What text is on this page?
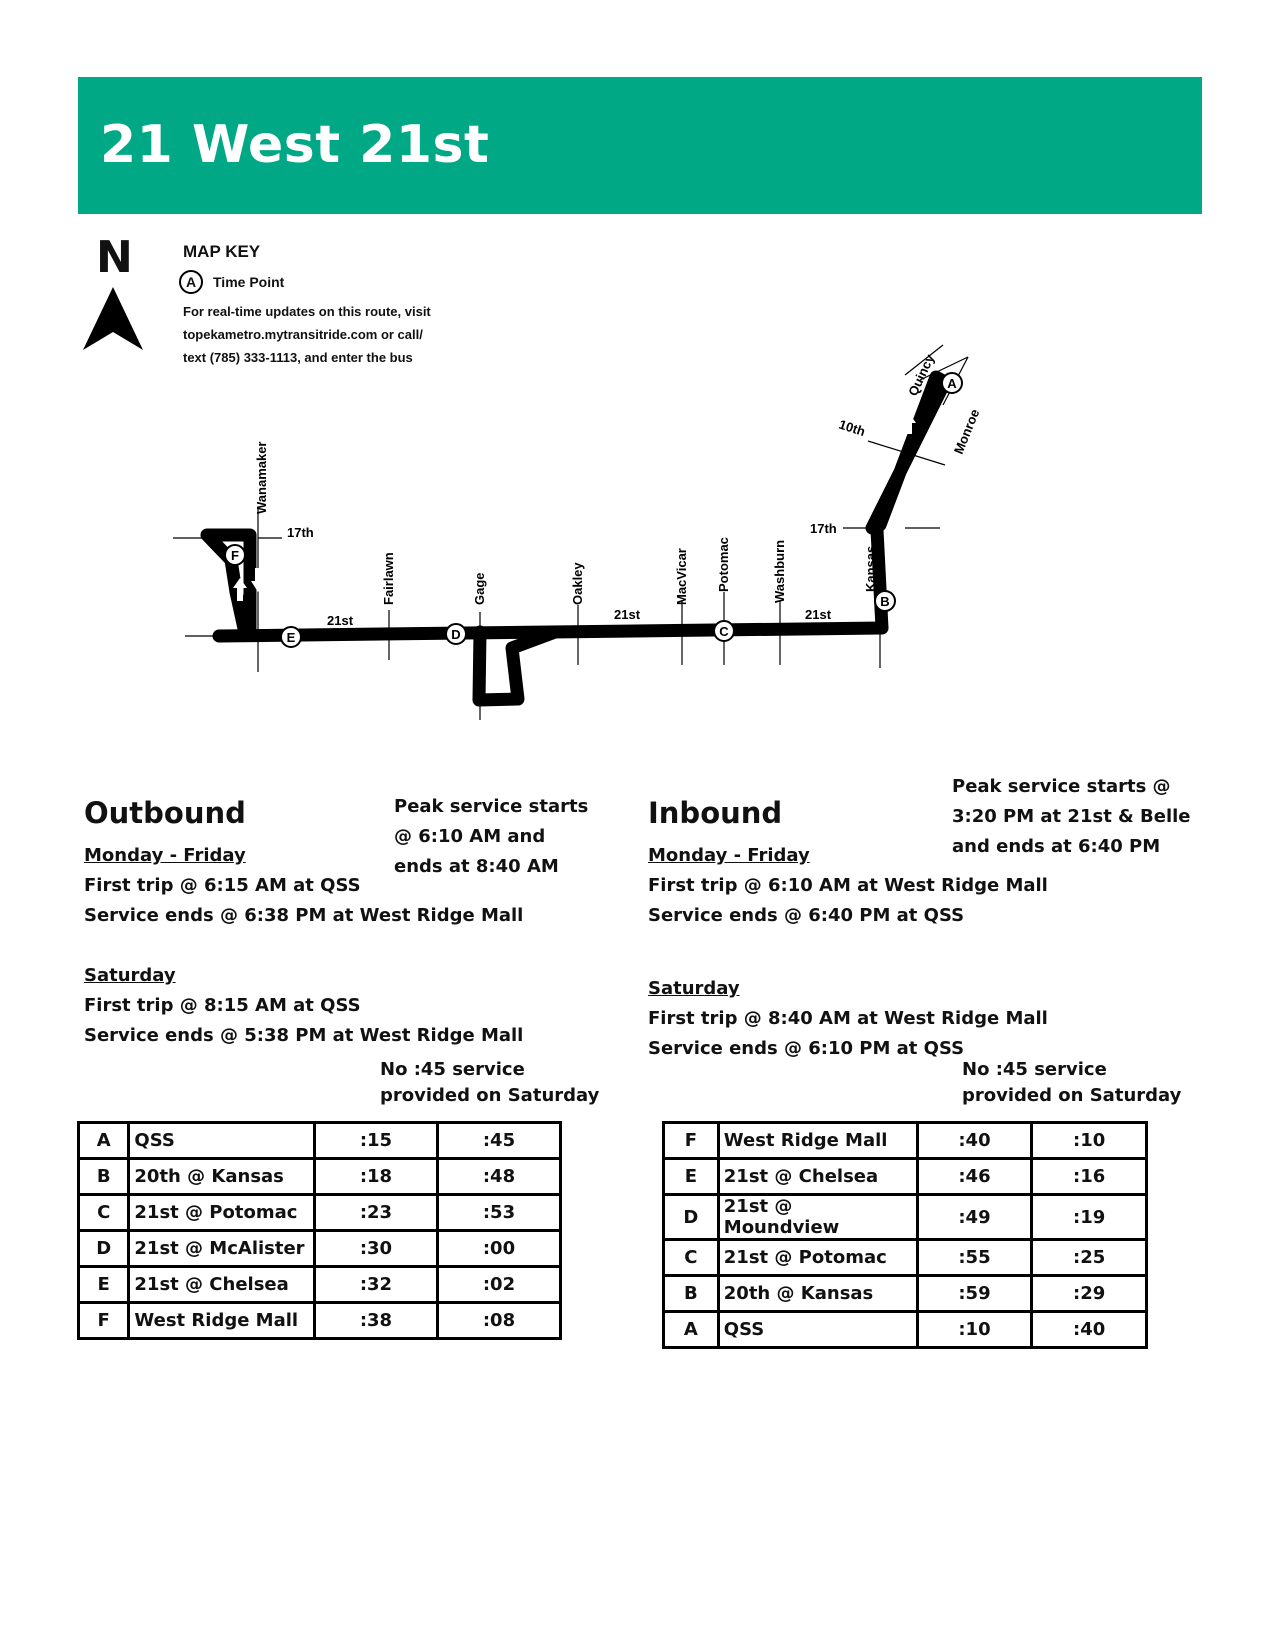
21 West 21st
N	MAP KEY
A	Time Point
For real-time updates on this route, visit
topekametro.mytransitride.com or call/
text (785) 333-1113, and enter the bus
Wanamaker
17th
21st
Fairlawn	Gage	Oakley	MacVicar
21st
Potomac	Washburn
21st
Kansas
17th
10th
Quincy
Monroe
A
B
C
D
E
F
Outbound	Peak service starts
@ 6:10 AM and
ends at 8:40 AM
Monday - Friday
First trip @ 6:15 AM at QSS
Service ends @ 6:38 PM at West Ridge Mall
Saturday
First trip @ 8:15 AM at QSS
Service ends @ 5:38 PM at West Ridge Mall
No :45 service
provided on Saturday
A	QSS	:15	:45
B	20th @ Kansas	:18	:48
C	21st @ Potomac	:23	:53
D	21st @ McAlister	:30	:00
E	21st @ Chelsea	:32	:02
F	West Ridge Mall	:38	:08
Inbound
Peak service starts @
3:20 PM at 21st & Belle
and ends at 6:40 PM
Monday - Friday
First trip @ 6:10 AM at West Ridge Mall
Service ends @ 6:40 PM at QSS
Saturday
First trip @ 8:40 AM at West Ridge Mall
Service ends @ 6:10 PM at QSS
No :45 service
provided on Saturday
F	West Ridge Mall	:40	:10
E	21st @ Chelsea	:46	:16
D	21st @ Moundview	:49	:19
C	21st @ Potomac	:55	:25
B	20th @ Kansas	:59	:29
A	QSS	:10	:40
